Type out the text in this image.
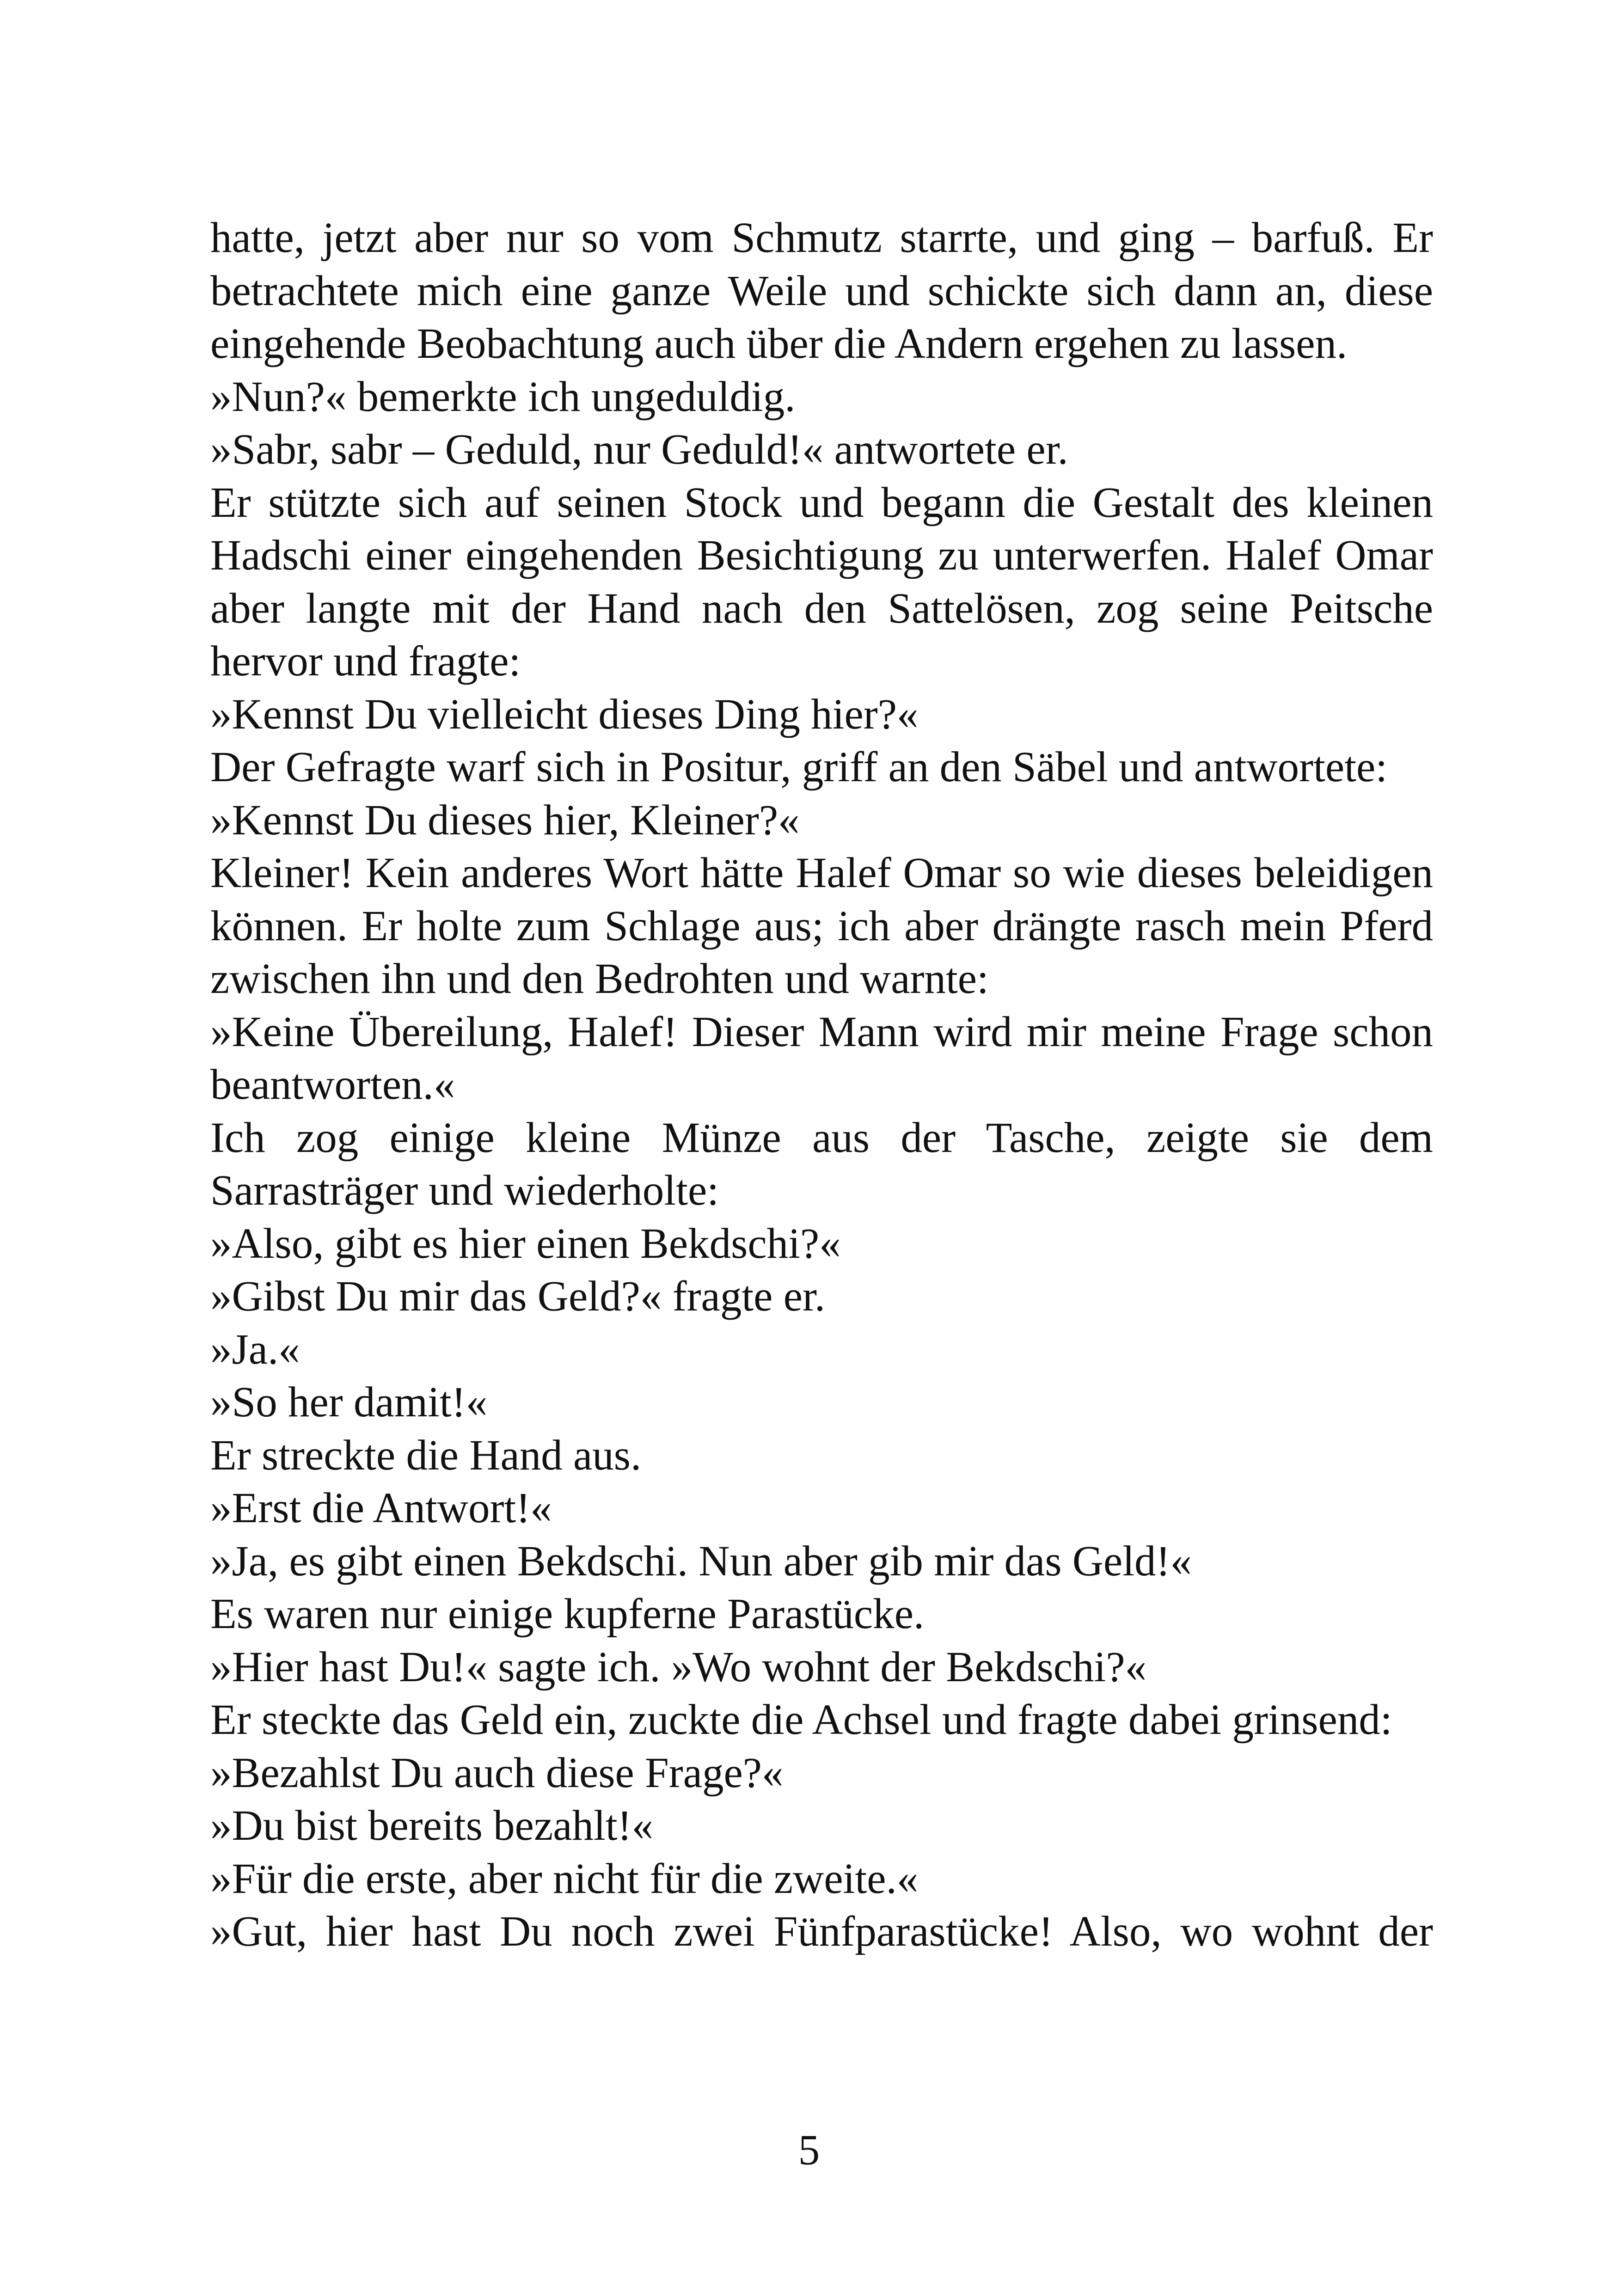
hatte, jetzt aber nur so vom Schmutz starrte, und ging – barfuß. Er betrachtete mich eine ganze Weile und schickte sich dann an, diese eingehende Beobachtung auch über die Andern ergehen zu lassen.

»Nun?« bemerkte ich ungeduldig.

»Sabr, sabr – Geduld, nur Geduld!« antwortete er.

Er stützte sich auf seinen Stock und begann die Gestalt des kleinen Hadschi einer eingehenden Besichtigung zu unterwerfen. Halef Omar aber langte mit der Hand nach den Sattelösen, zog seine Peitsche hervor und fragte:

»Kennst Du vielleicht dieses Ding hier?«

Der Gefragte warf sich in Positur, griff an den Säbel und antwortete:

»Kennst Du dieses hier, Kleiner?«

Kleiner! Kein anderes Wort hätte Halef Omar so wie dieses beleidigen können. Er holte zum Schlage aus; ich aber drängte rasch mein Pferd zwischen ihn und den Bedrohten und warnte:

»Keine Übereilung, Halef! Dieser Mann wird mir meine Frage schon beantworten.«

Ich zog einige kleine Münze aus der Tasche, zeigte sie dem Sarrasträger und wiederholte:

»Also, gibt es hier einen Bekdschi?«

»Gibst Du mir das Geld?« fragte er.

»Ja.«

»So her damit!«

Er streckte die Hand aus.

»Erst die Antwort!«

»Ja, es gibt einen Bekdschi. Nun aber gib mir das Geld!«

Es waren nur einige kupferne Parastücke.

»Hier hast Du!« sagte ich. »Wo wohnt der Bekdschi?«

Er steckte das Geld ein, zuckte die Achsel und fragte dabei grinsend:

»Bezahlst Du auch diese Frage?«

»Du bist bereits bezahlt!«

»Für die erste, aber nicht für die zweite.«

»Gut, hier hast Du noch zwei Fünfparastücke! Also, wo wohnt der

5
